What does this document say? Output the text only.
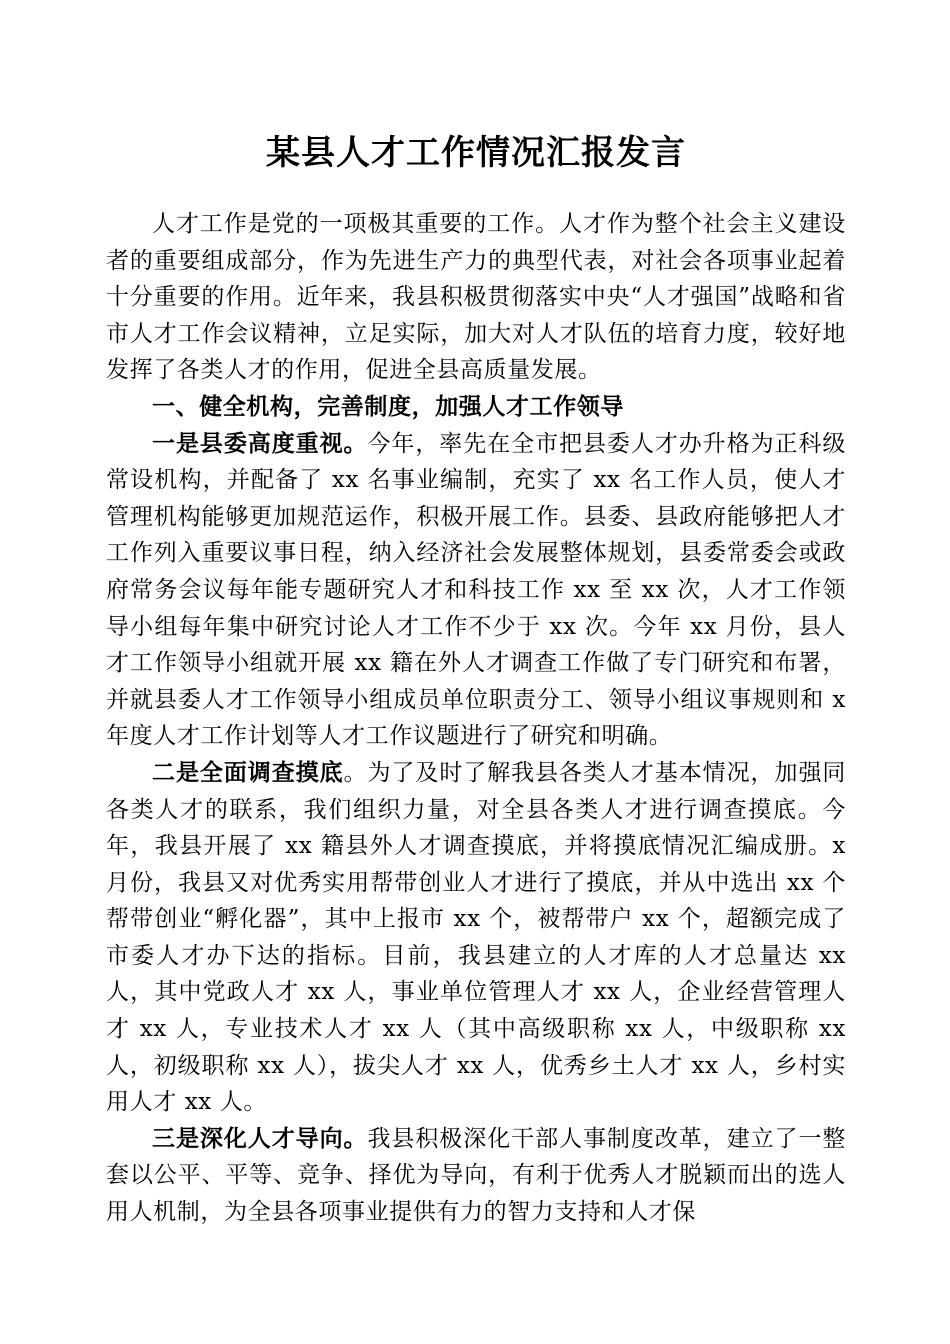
某县人才工作情况汇报发言

人才工作是党的一项极其重要的工作。人才作为整个社会主义建设者的重要组成部分，作为先进生产力的典型代表，对社会各项事业起着十分重要的作用。近年来，我县积极贯彻落实中央“人才强国”战略和省市人才工作会议精神，立足实际，加大对人才队伍的培育力度，较好地发挥了各类人才的作用，促进全县高质量发展。

一、健全机构，完善制度，加强人才工作领导

一是县委高度重视。今年，率先在全市把县委人才办升格为正科级常设机构，并配备了 xx 名事业编制，充实了 xx 名工作人员，使人才管理机构能够更加规范运作，积极开展工作。县委、县政府能够把人才工作列入重要议事日程，纳入经济社会发展整体规划，县委常委会或政府常务会议每年能专题研究人才和科技工作 xx 至 xx 次，人才工作领导小组每年集中研究讨论人才工作不少于 xx 次。今年 xx 月份，县人才工作领导小组就开展 xx 籍在外人才调查工作做了专门研究和布署，并就县委人才工作领导小组成员单位职责分工、领导小组议事规则和 x 年度人才工作计划等人才工作议题进行了研究和明确。

二是全面调查摸底。为了及时了解我县各类人才基本情况，加强同各类人才的联系，我们组织力量，对全县各类人才进行调查摸底。今年，我县开展了 xx 籍县外人才调查摸底，并将摸底情况汇编成册。x 月份，我县又对优秀实用帮带创业人才进行了摸底，并从中选出 xx 个帮带创业“孵化器”，其中上报市 xx 个，被帮带户 xx 个，超额完成了市委人才办下达的指标。目前，我县建立的人才库的人才总量达 xx 人，其中党政人才 xx 人，事业单位管理人才 xx 人，企业经营管理人才 xx 人，专业技术人才 xx 人（其中高级职称 xx 人，中级职称 xx 人，初级职称 xx 人），拔尖人才 xx 人，优秀乡土人才 xx 人，乡村实用人才 xx 人。

三是深化人才导向。我县积极深化干部人事制度改革，建立了一整套以公平、平等、竞争、择优为导向，有利于优秀人才脱颖而出的选人用人机制，为全县各项事业提供有力的智力支持和人才保
